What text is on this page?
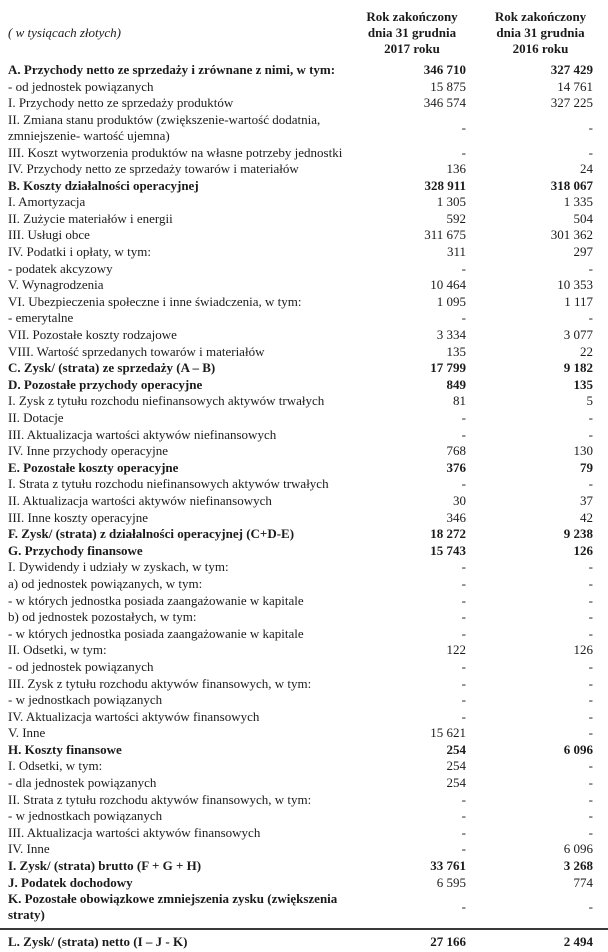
( w tysiącach złotych)
Rok zakończony
dnia 31 grudnia
2017 roku
Rok zakończony
dnia 31 grudnia
2016 roku
A. Przychody netto ze sprzedaży i zrównane z nimi, w tym:	346 710	327 429
- od jednostek powiązanych	15 875	14 761
I. Przychody netto ze sprzedaży produktów	346 574	327 225
II. Zmiana stanu produktów (zwiększenie-wartość dodatnia, zmniejszenie- wartość ujemna)
-	-
III. Koszt wytworzenia produktów na własne potrzeby jednostki	-	-
IV. Przychody netto ze sprzedaży towarów i materiałów	136	24
B. Koszty działalności operacyjnej	328 911	318 067
I. Amortyzacja	1 305	1 335
II. Zużycie materiałów i energii	592	504
III. Usługi obce	311 675	301 362
IV. Podatki i opłaty, w tym:	311	297
- podatek akcyzowy	-	-
V. Wynagrodzenia	10 464	10 353
VI. Ubezpieczenia społeczne i inne świadczenia, w tym:	1 095	1 117
- emerytalne	-	-
VII. Pozostałe koszty rodzajowe	3 334	3 077
VIII. Wartość sprzedanych towarów i materiałów	135	22
C. Zysk/ (strata) ze sprzedaży (A – B)	17 799	9 182
D. Pozostałe przychody operacyjne	849	135
I. Zysk z tytułu rozchodu niefinansowych aktywów trwałych	81	5
II. Dotacje	-	-
III. Aktualizacja wartości aktywów niefinansowych	-	-
IV. Inne przychody operacyjne	768	130
E. Pozostałe koszty operacyjne	376	79
I. Strata z tytułu rozchodu niefinansowych aktywów trwałych	-	-
II. Aktualizacja wartości aktywów niefinansowych	30	37
III. Inne koszty operacyjne	346	42
F. Zysk/ (strata) z działalności operacyjnej (C+D-E)	18 272	9 238
G. Przychody finansowe	15 743	126
I. Dywidendy i udziały w zyskach, w tym:	-	-
a) od jednostek powiązanych, w tym:	-	-
- w których jednostka posiada zaangażowanie w kapitale	-	-
b) od jednostek pozostałych, w tym:	-	-
- w których jednostka posiada zaangażowanie w kapitale	-	-
II. Odsetki, w tym:	122	126
- od jednostek powiązanych	-	-
III. Zysk z tytułu rozchodu aktywów finansowych, w tym:	-	-
- w jednostkach powiązanych	-	-
IV. Aktualizacja wartości aktywów finansowych	-	-
V. Inne	15 621	-
H. Koszty finansowe	254	6 096
I. Odsetki, w tym:	254	-
- dla jednostek powiązanych	254	-
II. Strata z tytułu rozchodu aktywów finansowych, w tym:	-	-
- w jednostkach powiązanych	-	-
III. Aktualizacja wartości aktywów finansowych	-	-
IV. Inne	-	6 096
I. Zysk/ (strata) brutto (F + G + H)	33 761	3 268
J. Podatek dochodowy	6 595	774
K. Pozostałe obowiązkowe zmniejszenia zysku (zwiększenia straty)
-	-
L. Zysk/ (strata) netto (I – J - K)	27 166	2 494
